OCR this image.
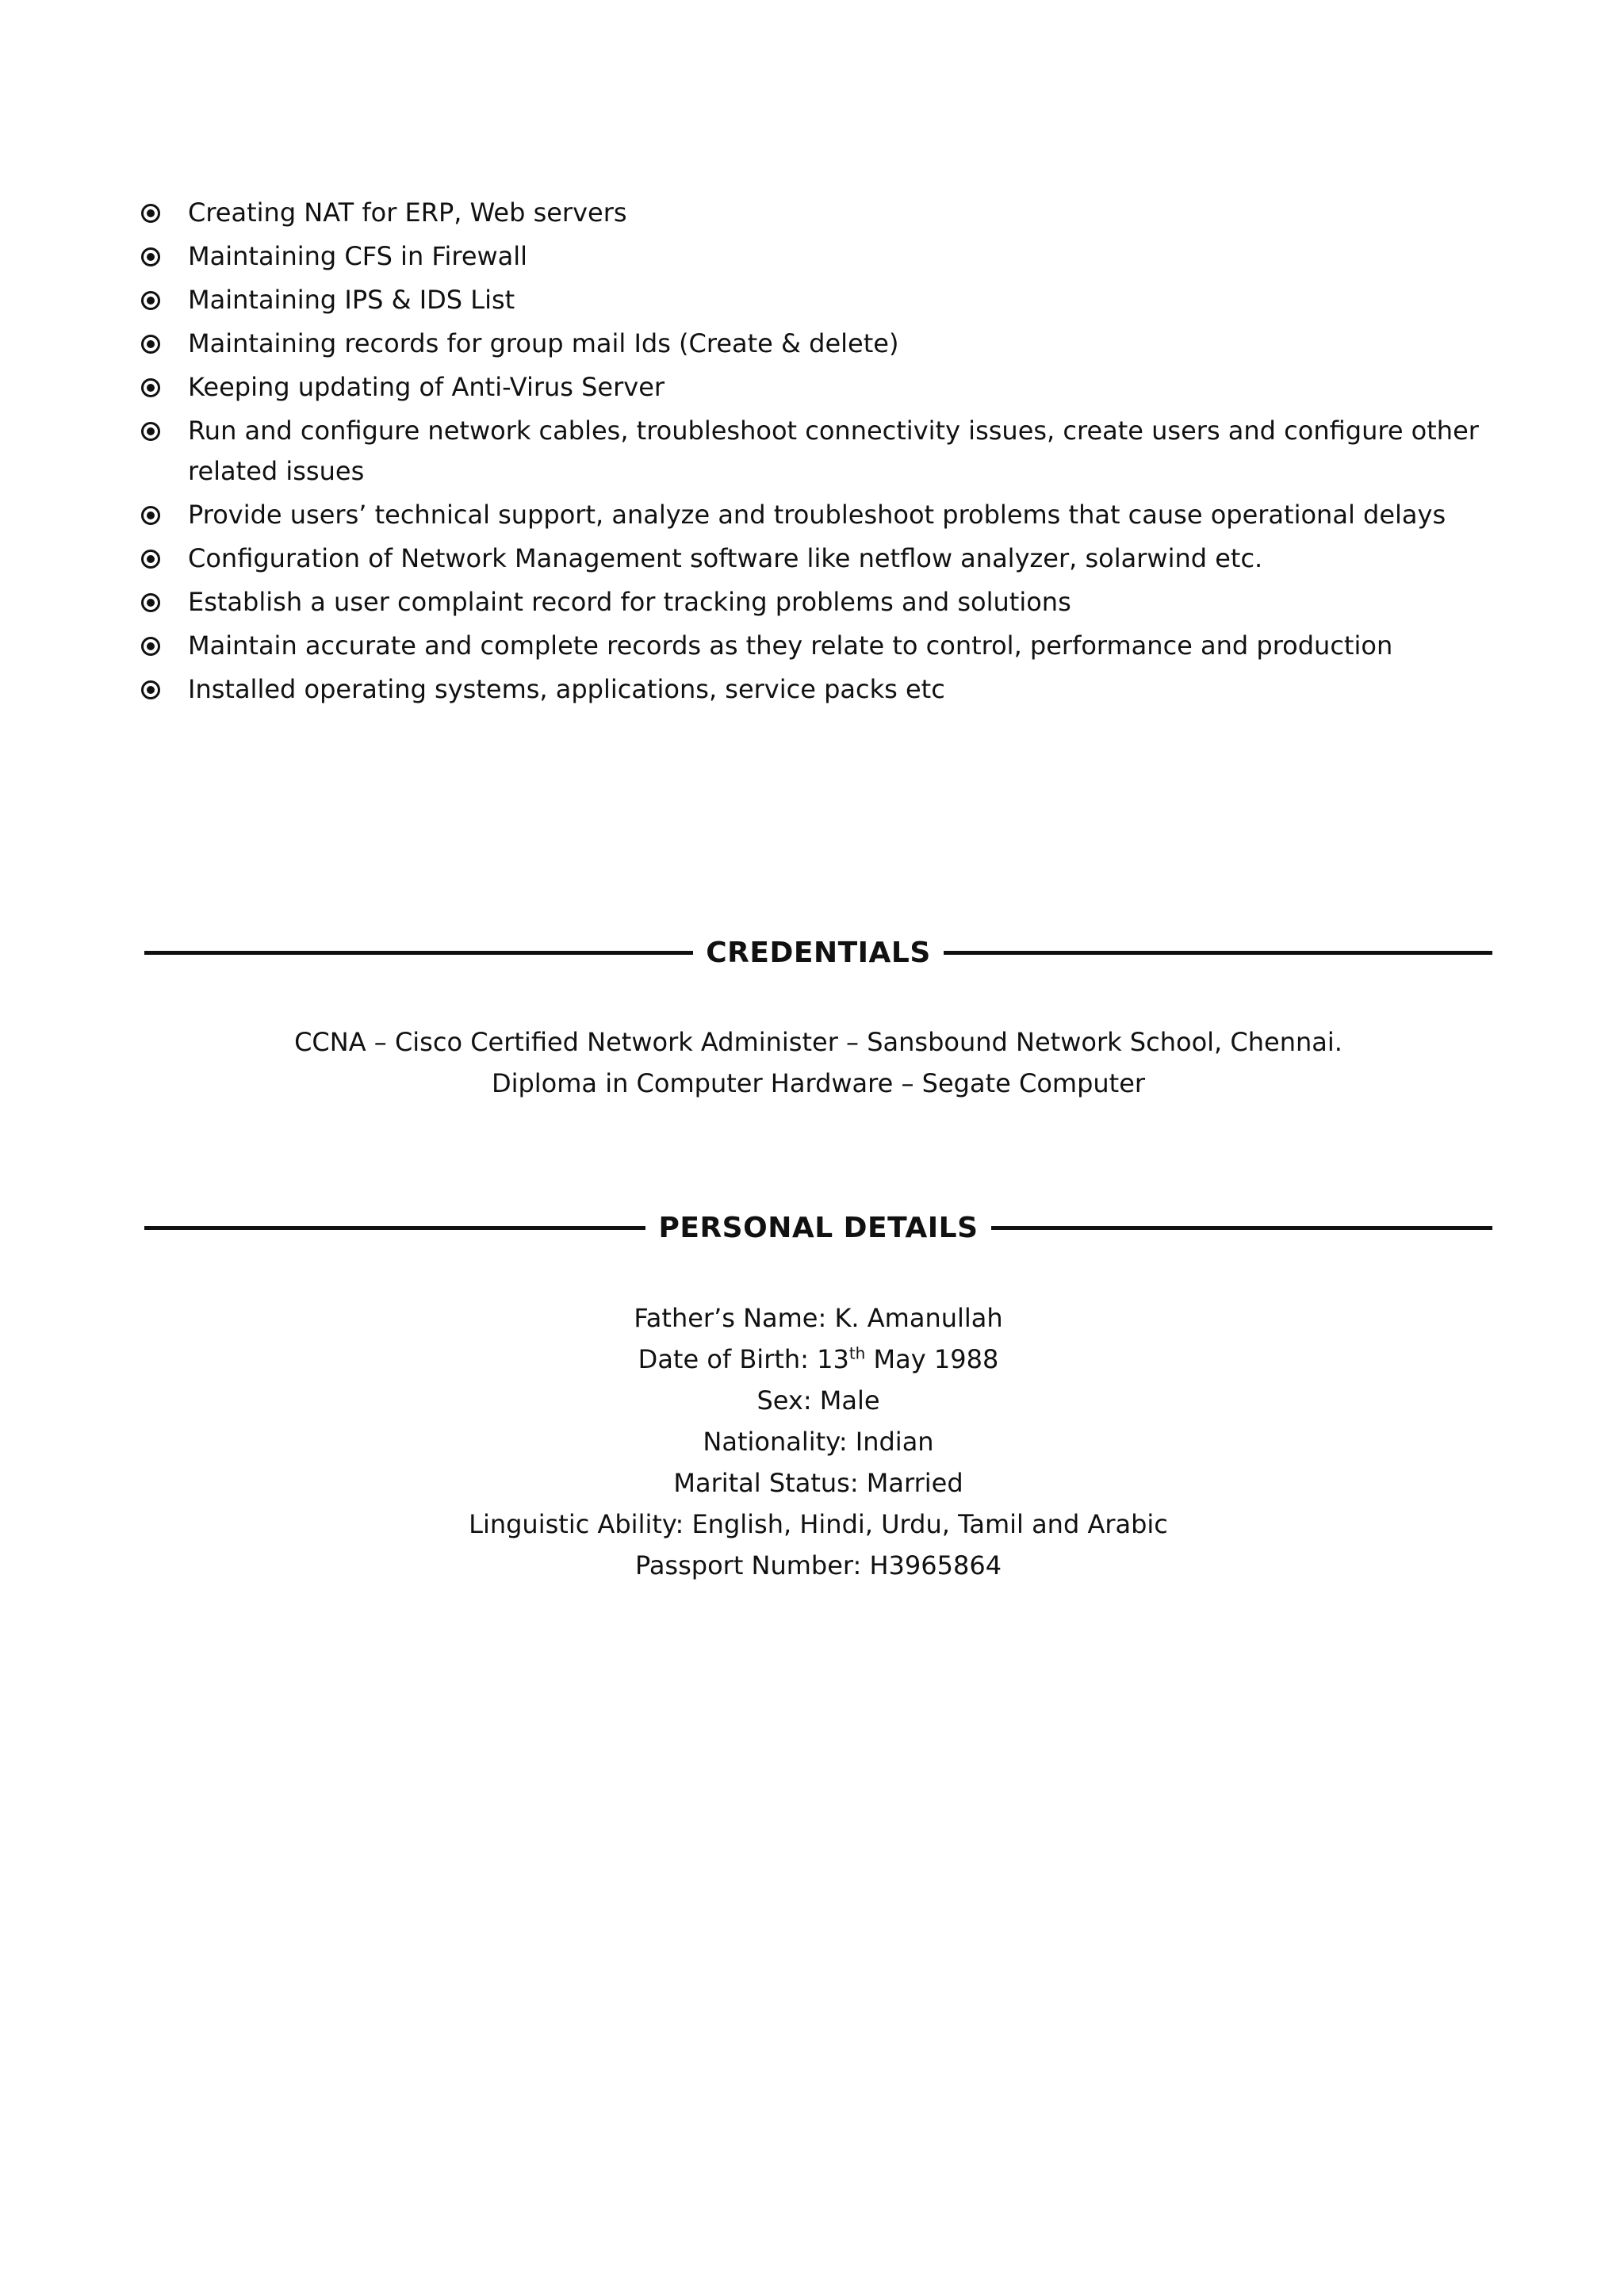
Creating NAT for ERP, Web servers
Maintaining CFS in Firewall
Maintaining IPS & IDS List
Maintaining records for group mail Ids (Create & delete)
Keeping updating of Anti-Virus Server
Run and configure network cables, troubleshoot connectivity issues, create users and configure other related issues
Provide users’ technical support, analyze and troubleshoot problems that cause operational delays
Configuration of Network Management software like netflow analyzer, solarwind etc.
Establish a user complaint record for tracking problems and solutions
Maintain accurate and complete records as they relate to control, performance and production
Installed operating systems, applications, service packs etc
CREDENTIALS
CCNA – Cisco Certified Network Administer – Sansbound Network School, Chennai.
Diploma in Computer Hardware – Segate Computer
PERSONAL DETAILS
Father’s Name: K. Amanullah
Date of Birth: 13th May 1988
Sex: Male
Nationality: Indian
Marital Status: Married
Linguistic Ability: English, Hindi, Urdu, Tamil and Arabic
Passport Number: H3965864
